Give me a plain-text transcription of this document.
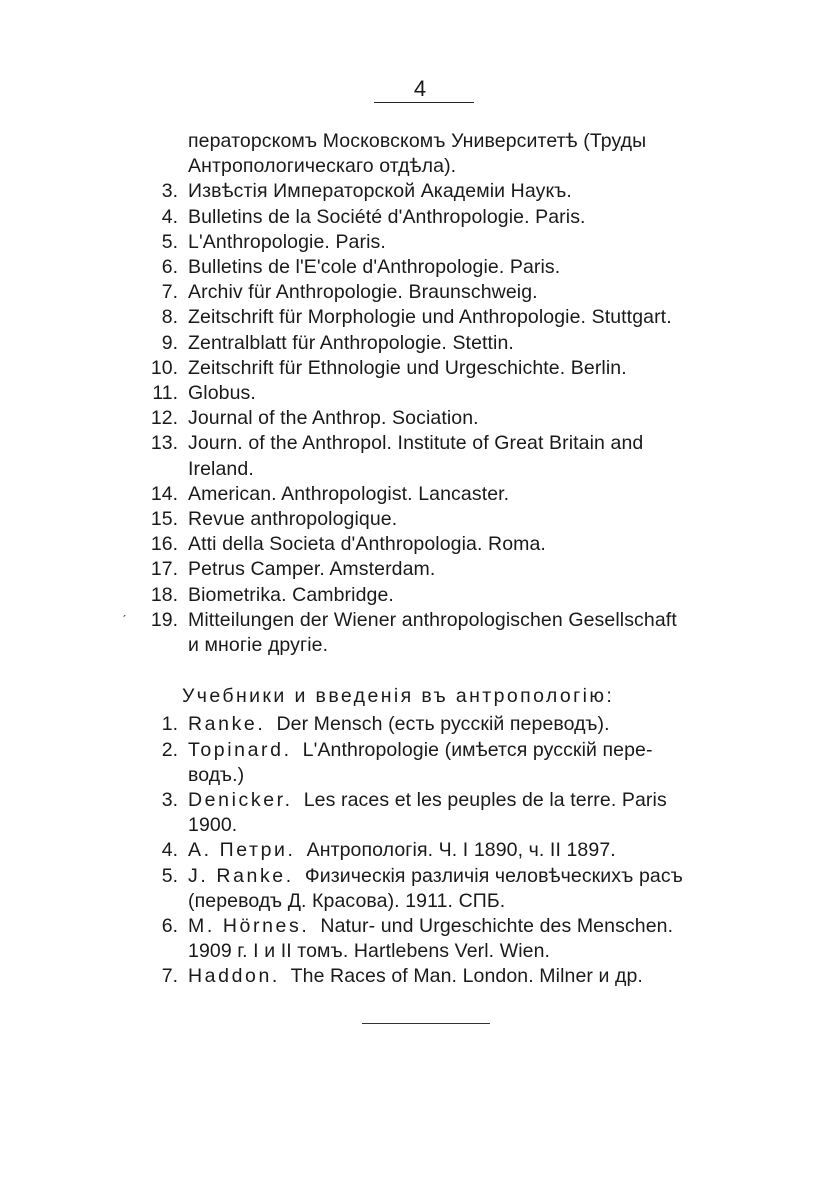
4
ˊ
ператорскомъ Московскомъ Университетѣ (Труды
Антропологическаго отдѣла).
3. Извѣстія Императорской Академіи Наукъ.
4. Bulletins de la Société d'Anthropologie. Paris.
5. L'Anthropologie. Paris.
6. Bulletins de l'E'cole d'Anthropologie. Paris.
7. Archiv für Anthropologie. Braunschweig.
8. Zeitschrift für Morphologie und Anthropologie. Stuttgart.
9. Zentralblatt für Anthropologie. Stettin.
10. Zeitschrift für Ethnologie und Urgeschichte. Berlin.
11. Globus.
12. Journal of the Anthrop. Sociation.
13. Journ. of the Anthropol. Institute of Great Britain and
Ireland.
14. American. Anthropologist. Lancaster.
15. Revue anthropologique.
16. Atti della Societa d'Anthropologia. Roma.
17. Petrus Camper. Amsterdam.
18. Biometrika. Cambridge.
19. Mitteilungen der Wiener anthropologischen Gesellschaft
и многіе другіе.
Учебники и введенія въ антропологію:
1. Ranke. Der Mensch (есть русскій переводъ).
2. Topinard. L'Anthropologie (имѣется русскій пере-
водъ.)
3. Denicker. Les races et les peuples de la terre. Paris
1900.
4. А. Петри. Антропологія. Ч. I 1890, ч. II 1897.
5. J. Ranke. Физическія различія человѣческихъ расъ
(переводъ Д. Красова). 1911. СПБ.
6. M. Hörnes. Natur- und Urgeschichte des Menschen.
1909 г. I и II томъ. Hartlebens Verl. Wien.
7. Haddon. The Races of Man. London. Milner и др.
